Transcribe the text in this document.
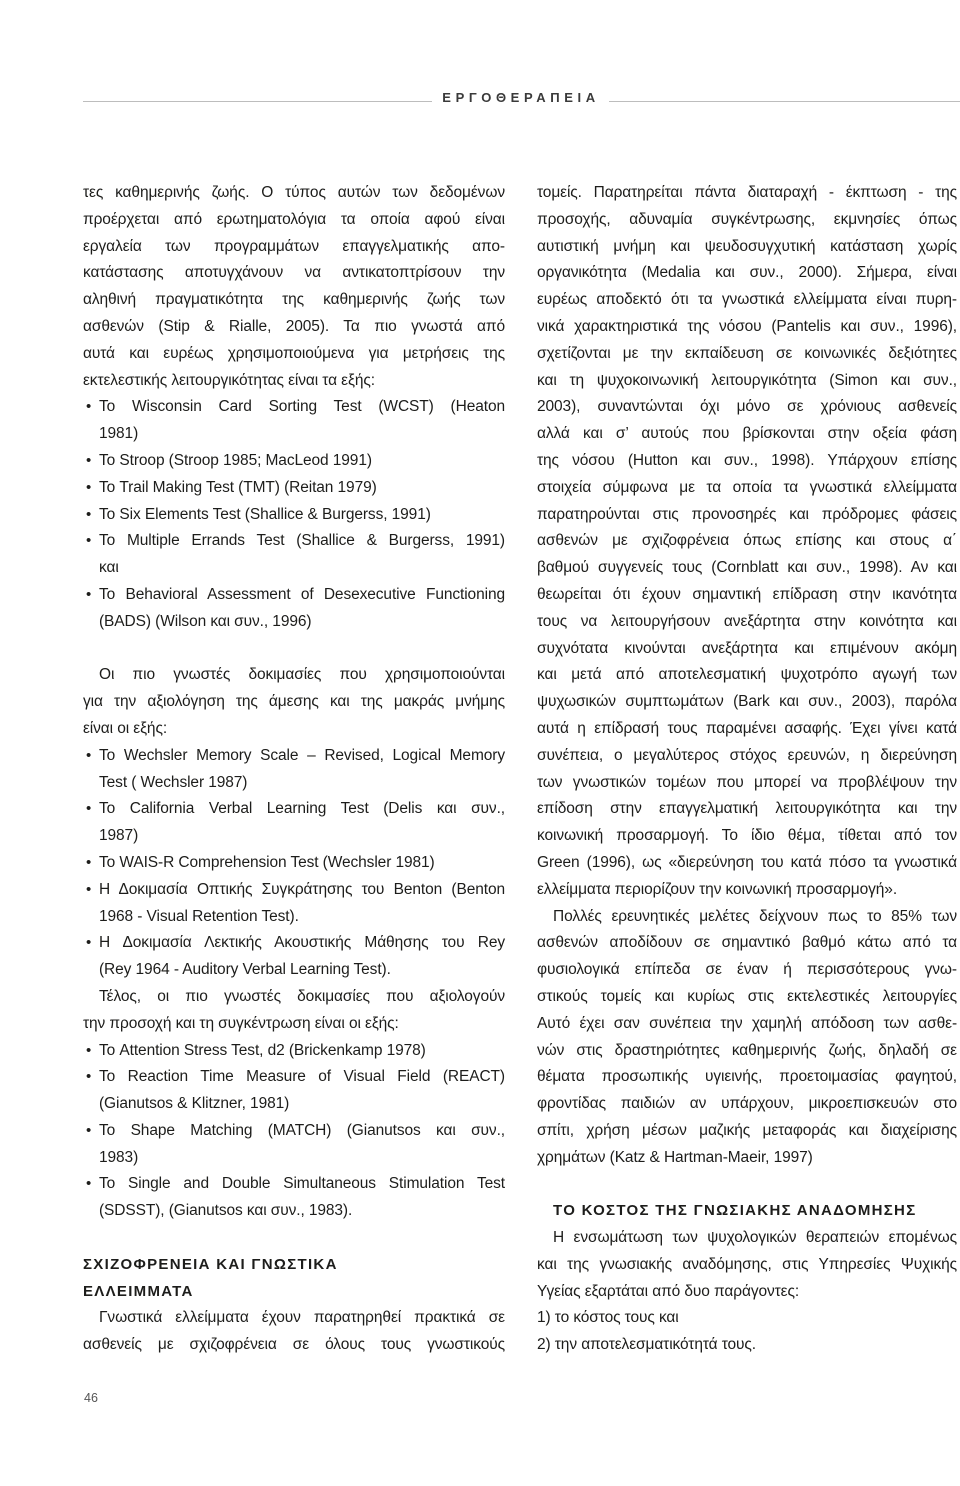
ΕΡΓΟΘΕΡΑΠΕΙΑ
τες καθημερινής ζωής. Ο τύπος αυτών των δεδομένων
προέρχεται από ερωτηματολόγια τα οποία αφού είναι
εργαλεία των προγραμμάτων επαγγελματικής απο-
κατάστασης αποτυγχάνουν να αντικατοπτρίσουν την
αληθινή πραγματικότητα της καθημερινής ζωής των
ασθενών (Stip & Rialle, 2005). Τα πιο γνωστά από
αυτά και ευρέως χρησιμοποιούμενα για μετρήσεις της
εκτελεστικής λειτουργικότητας είναι τα εξής:
•
Το Wisconsin Card Sorting Test (WCST) (Heaton
1981)
•
Το Stroop (Stroop 1985; MacLeod 1991)
•
Το Trail Making Test (TMT) (Reitan 1979)
•
Το Six Elements Test (Shallice & Burgerss, 1991)
•
Το Multiple Errands Test (Shallice & Burgerss, 1991)
και
•
Το Behavioral Assessment of Desexecutive Functioning
(BADS) (Wilson και συν., 1996)
Οι πιο γνωστές δοκιμασίες που χρησιμοποιούνται
για την αξιολόγηση της άμεσης και της μακράς μνήμης
είναι οι εξής:
•
Το Wechsler Memory Scale – Revised, Logical Memory
Test ( Wechsler 1987)
•
Το California Verbal Learning Test (Delis και συν.,
1987)
•
Το WAIS-R Comprehension Test (Wechsler 1981)
•
Η Δοκιμασία Οπτικής Συγκράτησης του Benton (Benton
1968 - Visual Retention Test).
•
Η Δοκιμασία Λεκτικής Ακουστικής Μάθησης του Rey
(Rey 1964 - Auditory Verbal Learning Test).
Τέλος, οι πιο γνωστές δοκιμασίες που αξιολογούν
την προσοχή και τη συγκέντρωση είναι οι εξής:
•
Το Attention Stress Test, d2 (Brickenkamp 1978)
•
Το Reaction Time Measure of Visual Field (REACT)
(Gianutsos & Klitzner, 1981)
•
Το Shape Matching (MATCH) (Gianutsos και συν.,
1983)
•
Το Single and Double Simultaneous Stimulation Test
(SDSST), (Gianutsos και συν., 1983).
ΣΧΙΖΟΦΡΕΝΕΙΑ ΚΑΙ ΓΝΩΣΤΙΚΑ
ΕΛΛΕΙΜΜΑΤΑ
Γνωστικά ελλείμματα έχουν παρατηρηθεί πρακτικά σε
ασθενείς με σχιζοφρένεια σε όλους τους γνωστικούς
τομείς. Παρατηρείται πάντα διαταραχή - έκπτωση - της
προσοχής, αδυναμία συγκέντρωσης, εκμνησίες όπως
αυτιστική μνήμη και ψευδοσυγχυτική κατάσταση χωρίς
οργανικότητα (Medalia και συν., 2000). Σήμερα, είναι
ευρέως αποδεκτό ότι τα γνωστικά ελλείμματα είναι πυρη-
νικά χαρακτηριστικά της νόσου (Pantelis και συν., 1996),
σχετίζονται με την εκπαίδευση σε κοινωνικές δεξιότητες
και τη ψυχοκοινωνική λειτουργικότητα (Simon και συν.,
2003), συναντώνται όχι μόνο σε χρόνιους ασθενείς
αλλά και σ’ αυτούς που βρίσκονται στην οξεία φάση
της νόσου (Hutton και συν., 1998). Υπάρχουν επίσης
στοιχεία σύμφωνα με τα οποία τα γνωστικά ελλείμματα
παρατηρούνται στις προνοσηρές και πρόδρομες φάσεις
ασθενών με σχιζοφρένεια όπως επίσης και στους α΄
βαθμού συγγενείς τους (Cornblatt και συν., 1998). Αν και
θεωρείται ότι έχουν σημαντική επίδραση στην ικανότητα
τους να λειτουργήσουν ανεξάρτητα στην κοινότητα και
συχνότατα κινούνται ανεξάρτητα και επιμένουν ακόμη
και μετά από αποτελεσματική ψυχοτρόπο αγωγή των
ψυχωσικών συμπτωμάτων (Bark και συν., 2003), παρόλα
αυτά η επίδρασή τους παραμένει ασαφής. Έχει γίνει κατά
συνέπεια, ο μεγαλύτερος στόχος ερευνών, η διερεύνηση
των γνωστικών τομέων που μπορεί να προβλέψουν την
επίδοση στην επαγγελματική λειτουργικότητα και την
κοινωνική προσαρμογή. Το ίδιο θέμα, τίθεται από τον
Green (1996), ως «διερεύνηση του κατά πόσο τα γνωστικά
ελλείμματα περιορίζουν την κοινωνική προσαρμογή».
Πολλές ερευνητικές μελέτες δείχνουν πως το 85% των
ασθενών αποδίδουν σε σημαντικό βαθμό κάτω από τα
φυσιολογικά επίπεδα σε έναν ή περισσότερους γνω-
στικούς τομείς και κυρίως στις εκτελεστικές λειτουργίες
Αυτό έχει σαν συνέπεια την χαμηλή απόδοση των ασθε-
νών στις δραστηριότητες καθημερινής ζωής, δηλαδή σε
θέματα προσωπικής υγιεινής, προετοιμασίας φαγητού,
φροντίδας παιδιών αν υπάρχουν, μικροεπισκευών στο
σπίτι, χρήση μέσων μαζικής μεταφοράς και διαχείρισης
χρημάτων (Katz & Hartman-Maeir, 1997)
ΤΟ ΚΟΣΤΟΣ ΤΗΣ ΓΝΩΣΙΑΚΗΣ ΑΝΑΔΟΜΗΣΗΣ
Η ενσωμάτωση των ψυχολογικών θεραπειών επομένως
και της γνωσιακής αναδόμησης, στις Υπηρεσίες Ψυχικής
Υγείας εξαρτάται από δυο παράγοντες:
1) το κόστος τους και
2) την αποτελεσματικότητά τους.
46
